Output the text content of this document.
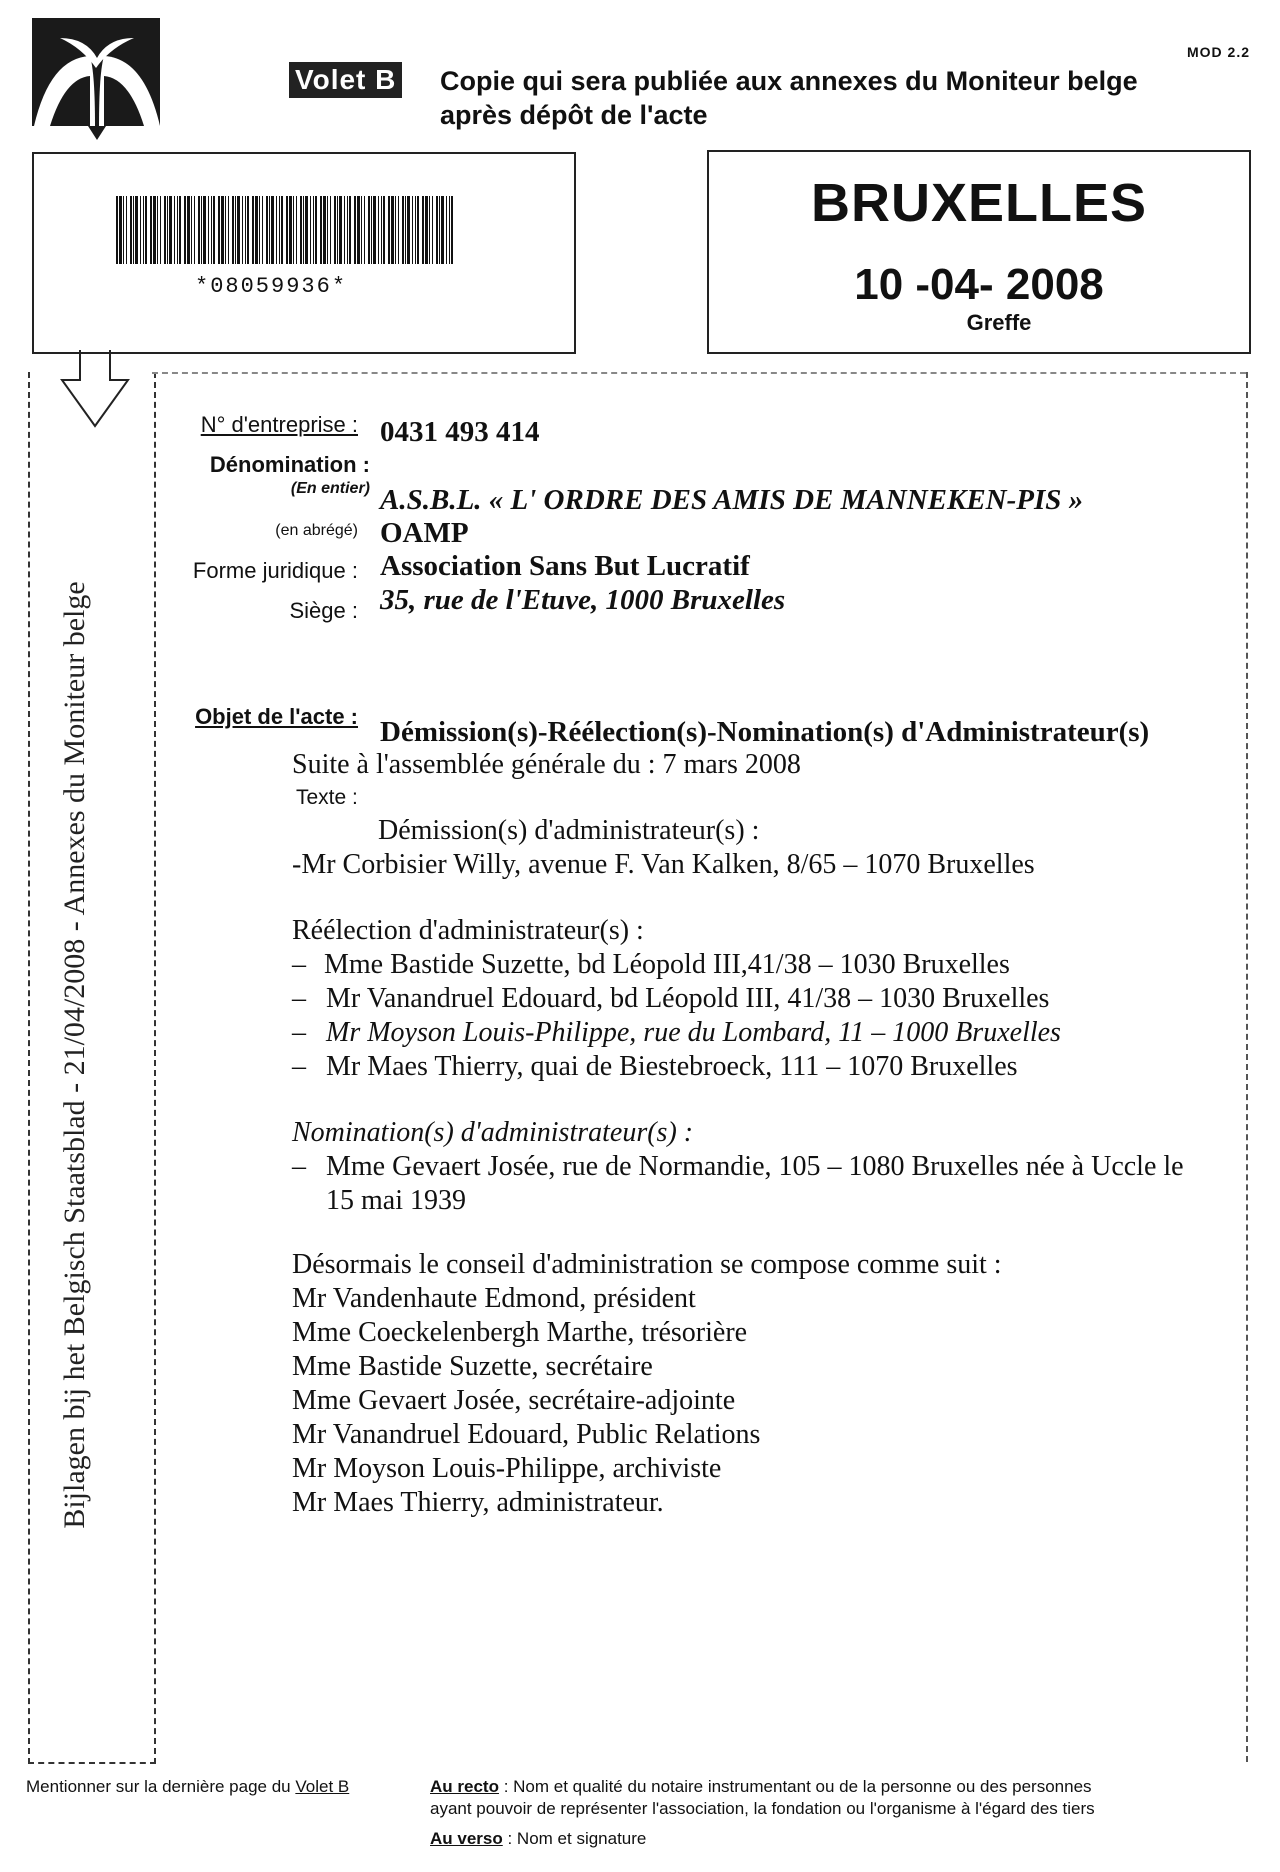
MOD 2.2
Volet B Copie qui sera publiée aux annexes du Moniteur belge
après dépôt de l'acte
*08059936*
BRUXELLES
10 -04- 2008
Greffe
Bijlagen bij het Belgisch Staatsblad - 21/04/2008 - Annexes du Moniteur belge
N° d'entreprise : 0431 493 414
Dénomination :
(En entier) A.S.B.L. « L' ORDRE DES AMIS DE MANNEKEN-PIS »
(en abrégé) OAMP
Forme juridique : Association Sans But Lucratif
Siège : 35, rue de l'Etuve, 1000 Bruxelles
Objet de l'acte : Démission(s)-Réélection(s)-Nomination(s) d'Administrateur(s)
Suite à l'assemblée générale du : 7 mars 2008
Texte :
Démission(s) d'administrateur(s) :
-Mr Corbisier Willy, avenue F. Van Kalken, 8/65 – 1070 Bruxelles
Réélection d'administrateur(s) :
– Mme Bastide Suzette, bd Léopold III,41/38 – 1030 Bruxelles
– Mr Vanandruel Edouard, bd Léopold III, 41/38 – 1030 Bruxelles
– Mr Moyson Louis-Philippe, rue du Lombard, 11 – 1000 Bruxelles
– Mr Maes Thierry, quai de Biestebroeck, 111 – 1070 Bruxelles
Nomination(s) d'administrateur(s) :
– Mme Gevaert Josée, rue de Normandie, 105 – 1080 Bruxelles née à Uccle le
15 mai 1939
Désormais le conseil d'administration se compose comme suit :
Mr Vandenhaute Edmond, président
Mme Coeckelenbergh Marthe, trésorière
Mme Bastide Suzette, secrétaire
Mme Gevaert Josée, secrétaire-adjointe
Mr Vanandruel Edouard, Public Relations
Mr Moyson Louis-Philippe, archiviste
Mr Maes Thierry, administrateur.
Mentionner sur la dernière page du Volet B	Au recto : Nom et qualité du notaire instrumentant ou de la personne ou des personnes
ayant pouvoir de représenter l'association, la fondation ou l'organisme à l'égard des tiers
Au verso : Nom et signature
